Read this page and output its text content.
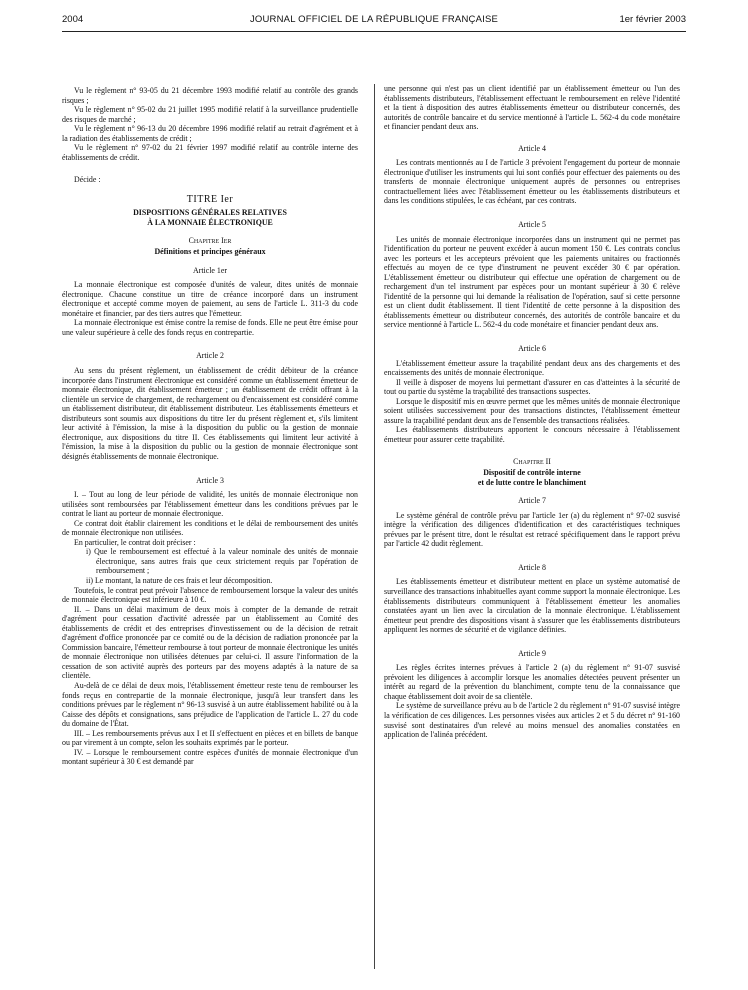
2004	JOURNAL OFFICIEL DE LA RÉPUBLIQUE FRANÇAISE	1er février 2003

Vu le règlement n° 93-05 du 21 décembre 1993 modifié relatif au contrôle des grands risques ;

Vu le règlement n° 95-02 du 21 juillet 1995 modifié relatif à la surveillance prudentielle des risques de marché ;

Vu le règlement n° 96-13 du 20 décembre 1996 modifié relatif au retrait d'agrément et à la radiation des établissements de crédit ;

Vu le règlement n° 97-02 du 21 février 1997 modifié relatif au contrôle interne des établissements de crédit.

Décide :

TITRE Ier

DISPOSITIONS GÉNÉRALES RELATIVES

À LA MONNAIE ÉLECTRONIQUE

Chapitre Ier

Définitions et principes généraux

Article 1er

La monnaie électronique est composée d'unités de valeur, dites unités de monnaie électronique. Chacune constitue un titre de créance incorporé dans un instrument électronique et accepté comme moyen de paiement, au sens de l'article L. 311-3 du code monétaire et financier, par des tiers autres que l'émetteur.

La monnaie électronique est émise contre la remise de fonds. Elle ne peut être émise pour une valeur supérieure à celle des fonds reçus en contrepartie.

Article 2

Au sens du présent règlement, un établissement de crédit débiteur de la créance incorporée dans l'instrument électronique est considéré comme un établissement émetteur de monnaie électronique, dit établissement émetteur ; un établissement de crédit offrant à la clientèle un service de chargement, de rechargement ou d'encaissement est considéré comme un établissement distributeur, dit établissement distributeur. Les établissements émetteurs et distributeurs sont soumis aux dispositions du titre Ier du présent règlement et, s'ils limitent leur activité à l'émission, la mise à la disposition du public ou la gestion de monnaie électronique, aux dispositions du titre II. Ces établissements qui limitent leur activité à l'émission, la mise à la disposition du public ou la gestion de monnaie électronique sont désignés établissements de monnaie électronique.

Article 3

I. – Tout au long de leur période de validité, les unités de monnaie électronique non utilisées sont remboursées par l'établissement émetteur dans les conditions prévues par le contrat le liant au porteur de monnaie électronique.

Ce contrat doit établir clairement les conditions et le délai de remboursement des unités de monnaie électronique non utilisées.

En particulier, le contrat doit préciser :

i) Que le remboursement est effectué à la valeur nominale des unités de monnaie électronique, sans autres frais que ceux strictement requis par l'opération de remboursement ;

ii) Le montant, la nature de ces frais et leur décomposition.

Toutefois, le contrat peut prévoir l'absence de remboursement lorsque la valeur des unités de monnaie électronique est inférieure à 10 €.

II. – Dans un délai maximum de deux mois à compter de la demande de retrait d'agrément pour cessation d'activité adressée par un établissement au Comité des établissements de crédit et des entreprises d'investissement ou de la décision de retrait d'agrément d'office prononcée par ce comité ou de la décision de radiation prononcée par la Commission bancaire, l'émetteur rembourse à tout porteur de monnaie électronique les unités de monnaie électronique non utilisées détenues par celui-ci. Il assure l'information de la cessation de son activité auprès des porteurs par des moyens adaptés à la nature de sa clientèle.

Au-delà de ce délai de deux mois, l'établissement émetteur reste tenu de rembourser les fonds reçus en contrepartie de la monnaie électronique, jusqu'à leur transfert dans les conditions prévues par le règlement n° 96-13 susvisé à un autre établissement habilité ou à la Caisse des dépôts et consignations, sans préjudice de l'application de l'article L. 27 du code du domaine de l'État.

III. – Les remboursements prévus aux I et II s'effectuent en pièces et en billets de banque ou par virement à un compte, selon les souhaits exprimés par le porteur.

IV. – Lorsque le remboursement contre espèces d'unités de monnaie électronique d'un montant supérieur à 30 € est demandé par

une personne qui n'est pas un client identifié par un établissement émetteur ou l'un des établissements distributeurs, l'établissement effectuant le remboursement en relève l'identité et la tient à disposition des autres établissements émetteur ou distributeur concernés, des autorités de contrôle bancaire et du service mentionné à l'article L. 562-4 du code monétaire et financier pendant deux ans.

Article 4

Les contrats mentionnés au I de l'article 3 prévoient l'engagement du porteur de monnaie électronique d'utiliser les instruments qui lui sont confiés pour effectuer des paiements ou des transferts de monnaie électronique uniquement auprès de personnes ou entreprises contractuellement liées avec l'établissement émetteur ou les établissements distributeurs et dans les conditions stipulées, le cas échéant, par ces contrats.

Article 5

Les unités de monnaie électronique incorporées dans un instrument qui ne permet pas l'identification du porteur ne peuvent excéder à aucun moment 150 €. Les contrats conclus avec les porteurs et les accepteurs prévoient que les paiements unitaires ou fractionnés effectués au moyen de ce type d'instrument ne peuvent excéder 30 € par opération. L'établissement émetteur ou distributeur qui effectue une opération de chargement ou de rechargement d'un tel instrument par espèces pour un montant supérieur à 30 € relève l'identité de la personne qui lui demande la réalisation de l'opération, sauf si cette personne est un client dudit établissement. Il tient l'identité de cette personne à la disposition des établissements émetteur ou distributeur concernés, des autorités de contrôle bancaire et du service mentionné à l'article L. 562-4 du code monétaire et financier pendant deux ans.

Article 6

L'établissement émetteur assure la traçabilité pendant deux ans des chargements et des encaissements des unités de monnaie électronique.

Il veille à disposer de moyens lui permettant d'assurer en cas d'atteintes à la sécurité de tout ou partie du système la traçabilité des transactions suspectes.

Lorsque le dispositif mis en œuvre permet que les mêmes unités de monnaie électronique soient utilisées successivement pour des transactions distinctes, l'établissement émetteur assure la traçabilité pendant deux ans de l'ensemble des transactions réalisées.

Les établissements distributeurs apportent le concours nécessaire à l'établissement émetteur pour assurer cette traçabilité.

Chapitre II

Dispositif de contrôle interne

et de lutte contre le blanchiment

Article 7

Le système général de contrôle prévu par l'article 1er (a) du règlement n° 97-02 susvisé intègre la vérification des diligences d'identification et des caractéristiques techniques prévues par le présent titre, dont le résultat est retracé spécifiquement dans le rapport prévu par l'article 42 dudit règlement.

Article 8

Les établissements émetteur et distributeur mettent en place un système automatisé de surveillance des transactions inhabituelles ayant comme support la monnaie électronique. Les établissements distributeurs communiquent à l'établissement émetteur les anomalies constatées ayant un lien avec la circulation de la monnaie électronique. L'établissement émetteur peut prendre des dispositions visant à s'assurer que les établissements distributeurs appliquent les normes de sécurité et de vigilance définies.

Article 9

Les règles écrites internes prévues à l'article 2 (a) du règlement n° 91-07 susvisé prévoient les diligences à accomplir lorsque les anomalies détectées peuvent présenter un intérêt au regard de la prévention du blanchiment, compte tenu de la connaissance que chaque établissement doit avoir de sa clientèle.

Le système de surveillance prévu au b de l'article 2 du règlement n° 91-07 susvisé intègre la vérification de ces diligences. Les personnes visées aux articles 2 et 5 du décret n° 91-160 susvisé sont destinataires d'un relevé au moins mensuel des anomalies constatées en application de l'alinéa précédent.
